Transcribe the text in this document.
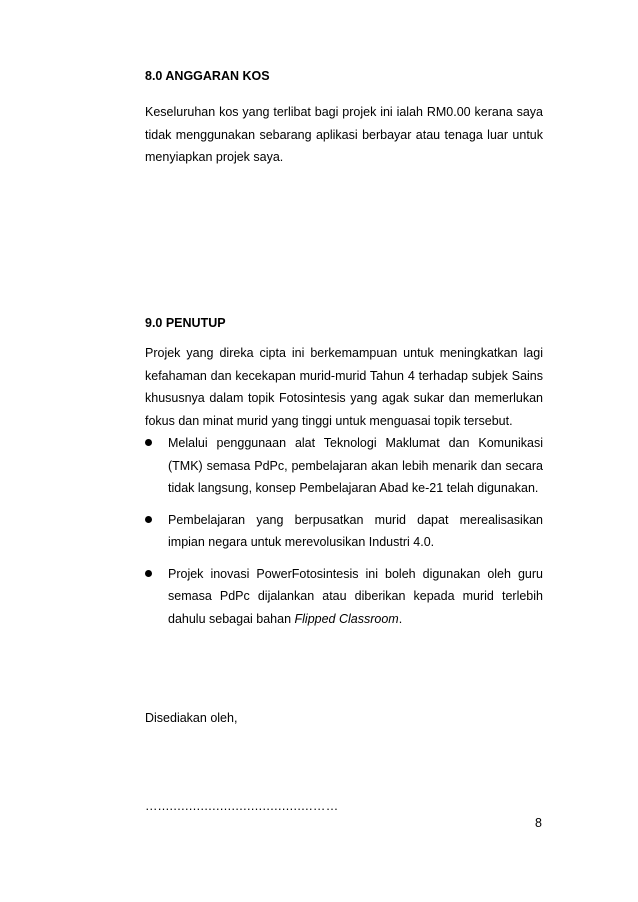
8.0 ANGGARAN KOS

Keseluruhan kos yang terlibat bagi projek ini ialah RM0.00 kerana saya tidak menggunakan sebarang aplikasi berbayar atau tenaga luar untuk menyiapkan projek saya.

9.0 PENUTUP

Projek yang direka cipta ini berkemampuan untuk meningkatkan lagi kefahaman dan kecekapan murid-murid Tahun 4 terhadap subjek Sains khususnya dalam topik Fotosintesis yang agak sukar dan memerlukan fokus dan minat murid yang tinggi untuk menguasai topik tersebut.

Melalui penggunaan alat Teknologi Maklumat dan Komunikasi (TMK) semasa PdPc, pembelajaran akan lebih menarik dan secara tidak langsung, konsep Pembelajaran Abad ke-21 telah digunakan.
Pembelajaran yang berpusatkan murid dapat merealisasikan impian negara untuk merevolusikan Industri 4.0.
Projek inovasi PowerFotosintesis ini boleh digunakan oleh guru semasa PdPc dijalankan atau diberikan kepada murid terlebih dahulu sebagai bahan Flipped Classroom.
Disediakan oleh,
…........................................……
8
